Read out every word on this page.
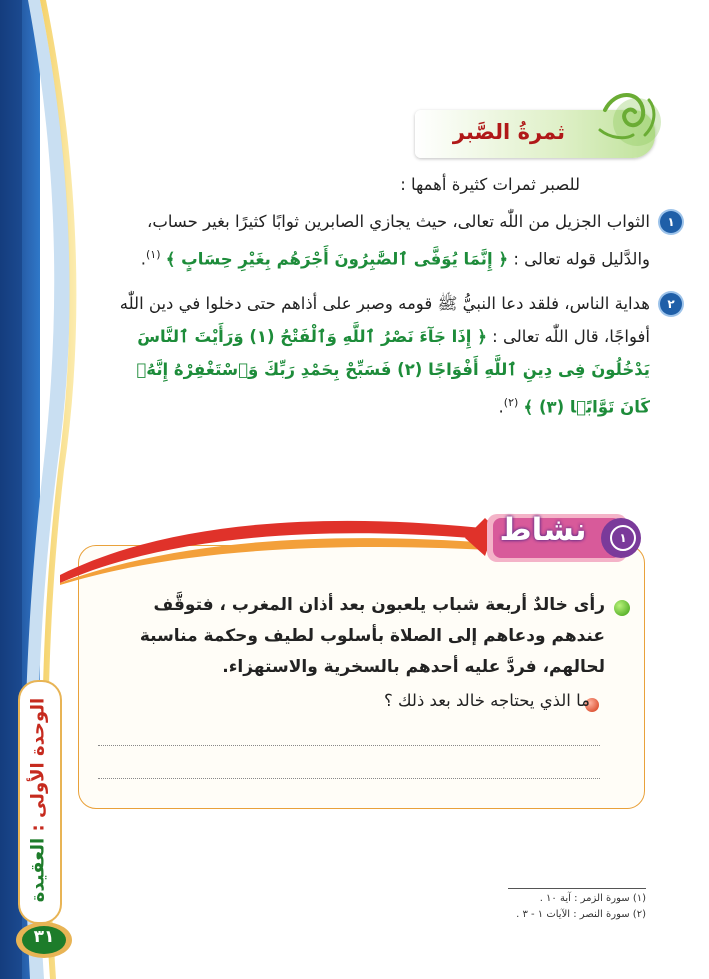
ثمرةُ الصَّبر
للصبر ثمرات كثيرة أهمها :
١
الثواب الجزيل من اللّٰه تعالى، حيث يجازي الصابرين ثوابًا كثيرًا بغير حساب، والدَّليل قوله تعالى : ﴿ إِنَّمَا يُوَفَّى ٱلصَّٰبِرُونَ أَجْرَهُم بِغَيْرِ حِسَابٍ ﴾ $^{(١)}$.
٢
هداية الناس، فلقد دعا النبيُّ ﷺ قومه وصبر على أذاهم حتى دخلوا في دين اللّٰه أفواجًا، قال اللّٰه تعالى : ﴿ إِذَا جَآءَ نَصْرُ ٱللَّهِ وَٱلْفَتْحُ (١) وَرَأَيْتَ ٱلنَّاسَ يَدْخُلُونَ فِى دِينِ ٱللَّهِ أَفْوَاجًا (٢) فَسَبِّحْ بِحَمْدِ رَبِّكَ وَٱسْتَغْفِرْهُ إِنَّهُۥ كَانَ تَوَّابًۢا (٣) ﴾ $^{(٢)}$.
نشاط	١
رأى خالدٌ أربعة شباب يلعبون بعد أذان المغرب ، فتوقَّف عندهم ودعاهم إلى الصلاة بأسلوب لطيف وحكمة مناسبة لحالهم، فردَّ عليه أحدهم بالسخرية والاستهزاء.
ما الذي يحتاجه خالد بعد ذلك ؟
الوحدة الأولى : العقيدة
٣١
(١) سورة الزمر : آية ١٠ .
(٢) سورة النصر : الآيات ١ - ٣ .
